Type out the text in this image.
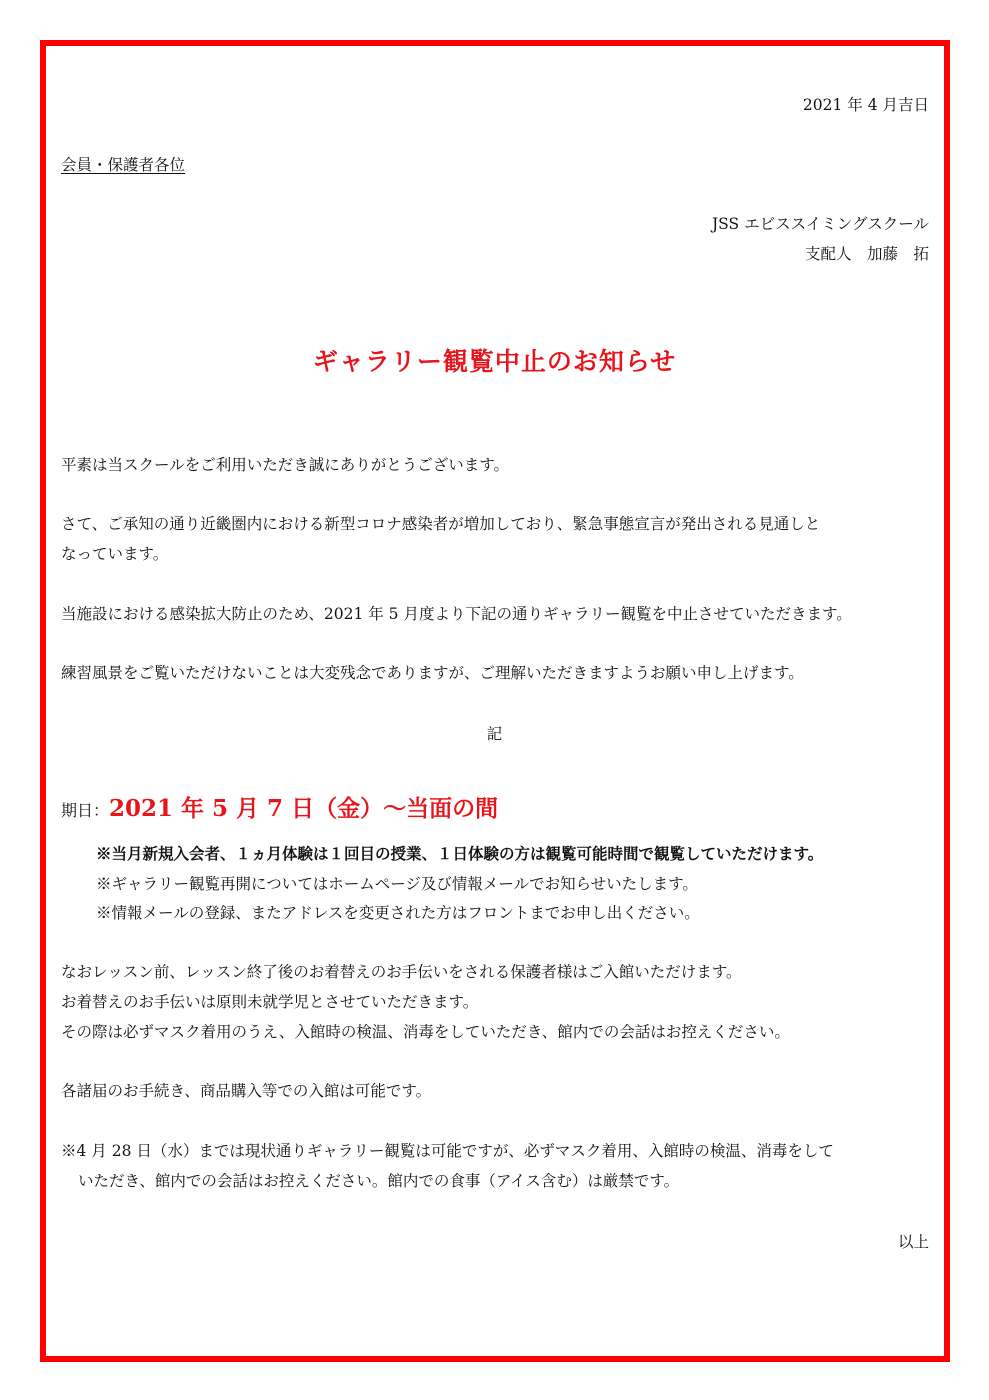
2021 年 4 月吉日
会員・保護者各位
JSS エビススイミングスクール
支配人　加藤　拓
ギャラリー観覧中止のお知らせ
平素は当スクールをご利用いただき誠にありがとうございます。
さて、ご承知の通り近畿圏内における新型コロナ感染者が増加しており、緊急事態宣言が発出される見通しと
なっています。
当施設における感染拡大防止のため、2021 年 5 月度より下記の通りギャラリー観覧を中止させていただきます。
練習風景をご覧いただけないことは大変残念でありますが、ご理解いただきますようお願い申し上げます。
記
期日：2021 年 5 月 7 日（金）～当面の間
※当月新規入会者、１ヵ月体験は１回目の授業、１日体験の方は観覧可能時間で観覧していただけます。
※ギャラリー観覧再開についてはホームページ及び情報メールでお知らせいたします。
※情報メールの登録、またアドレスを変更された方はフロントまでお申し出ください。
なおレッスン前、レッスン終了後のお着替えのお手伝いをされる保護者様はご入館いただけます。
お着替えのお手伝いは原則未就学児とさせていただきます。
その際は必ずマスク着用のうえ、入館時の検温、消毒をしていただき、館内での会話はお控えください。
各諸届のお手続き、商品購入等での入館は可能です。
※4 月 28 日（水）までは現状通りギャラリー観覧は可能ですが、必ずマスク着用、入館時の検温、消毒をして
いただき、館内での会話はお控えください。館内での食事（アイス含む）は厳禁です。
以上
